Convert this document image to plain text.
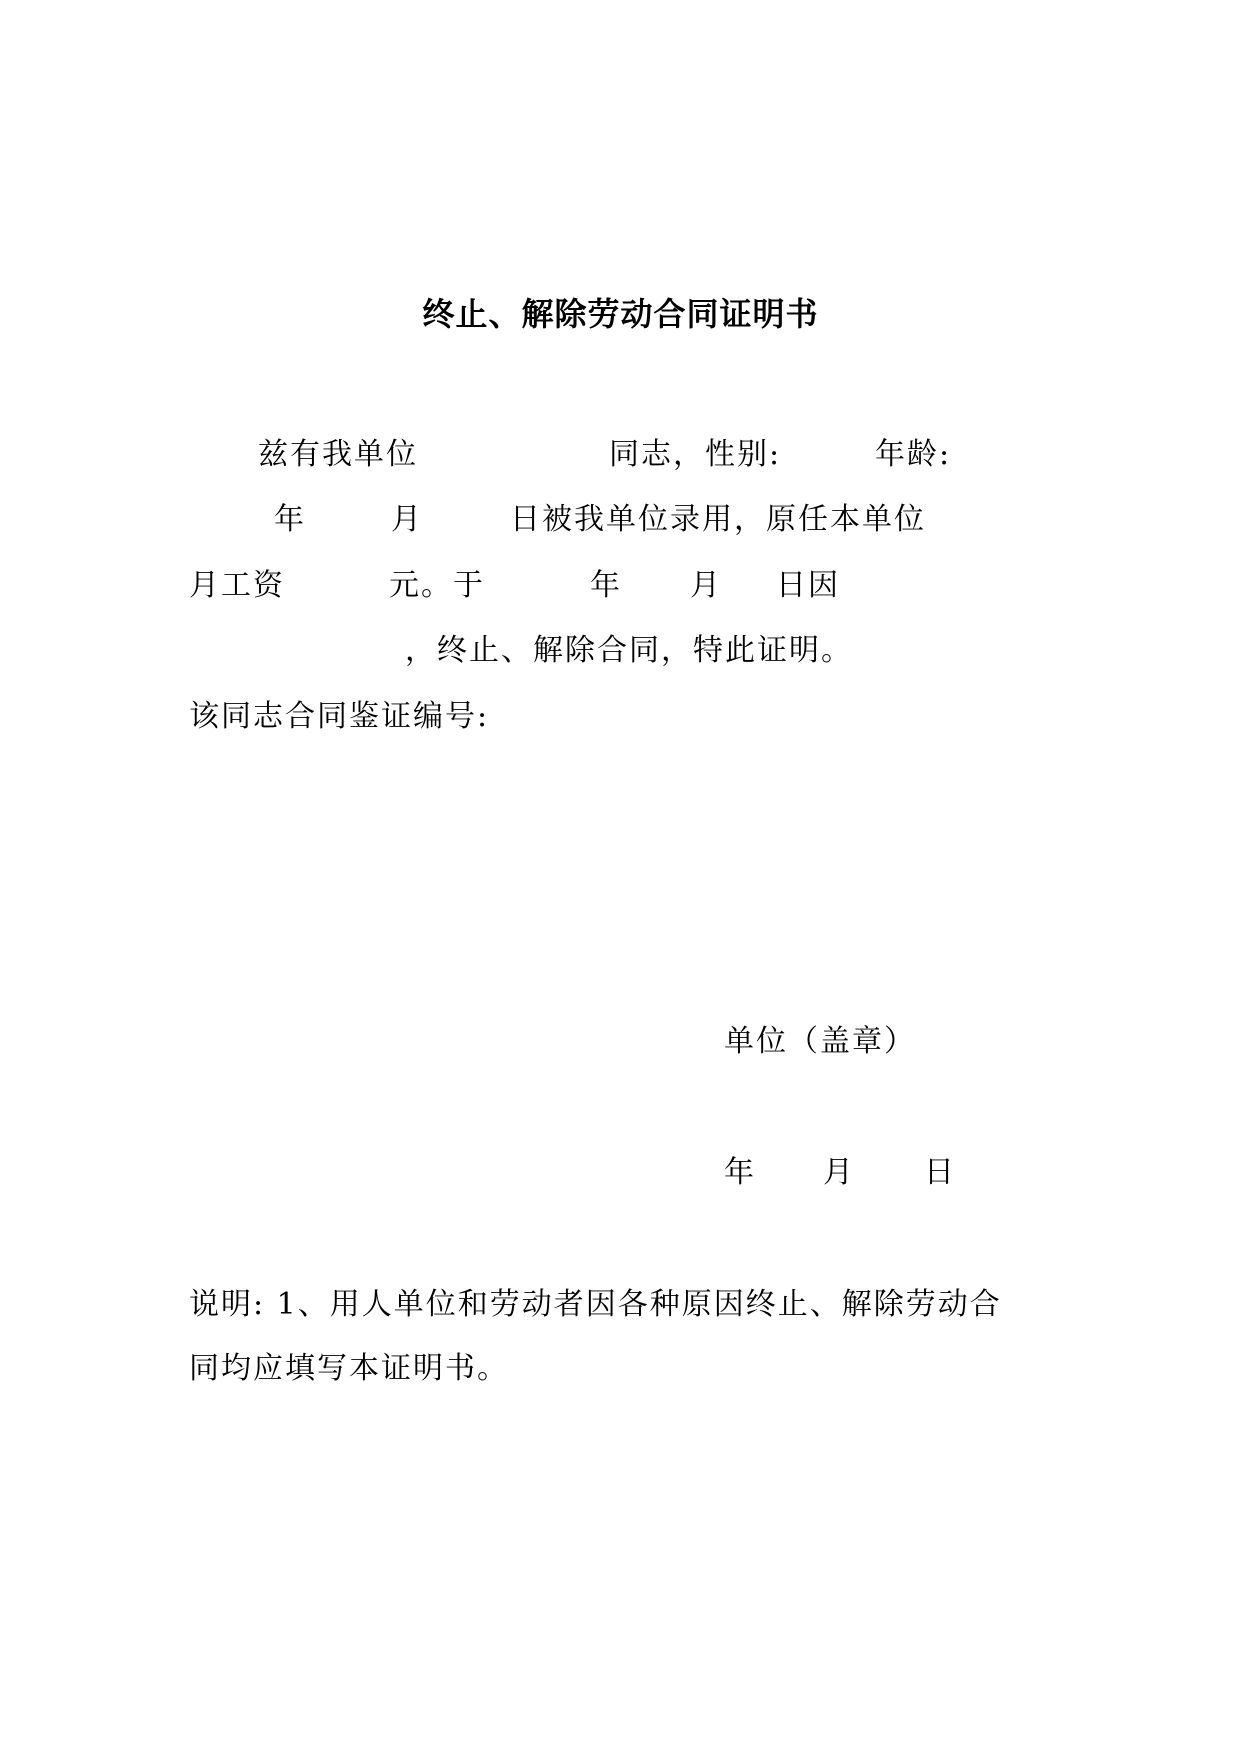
终止、解除劳动合同证明书
兹有我单位	同志，性别:	年龄:
年	月	日被我单位录用，原任本单位
月工资	元。于	年 月 日因
，终止、解除合同，特此证明。
该同志合同鉴证编号:
单位（盖章）
年 月 日
说明: 1、用人单位和劳动者因各种原因终止、解除劳动合
同均应填写本证明书。
